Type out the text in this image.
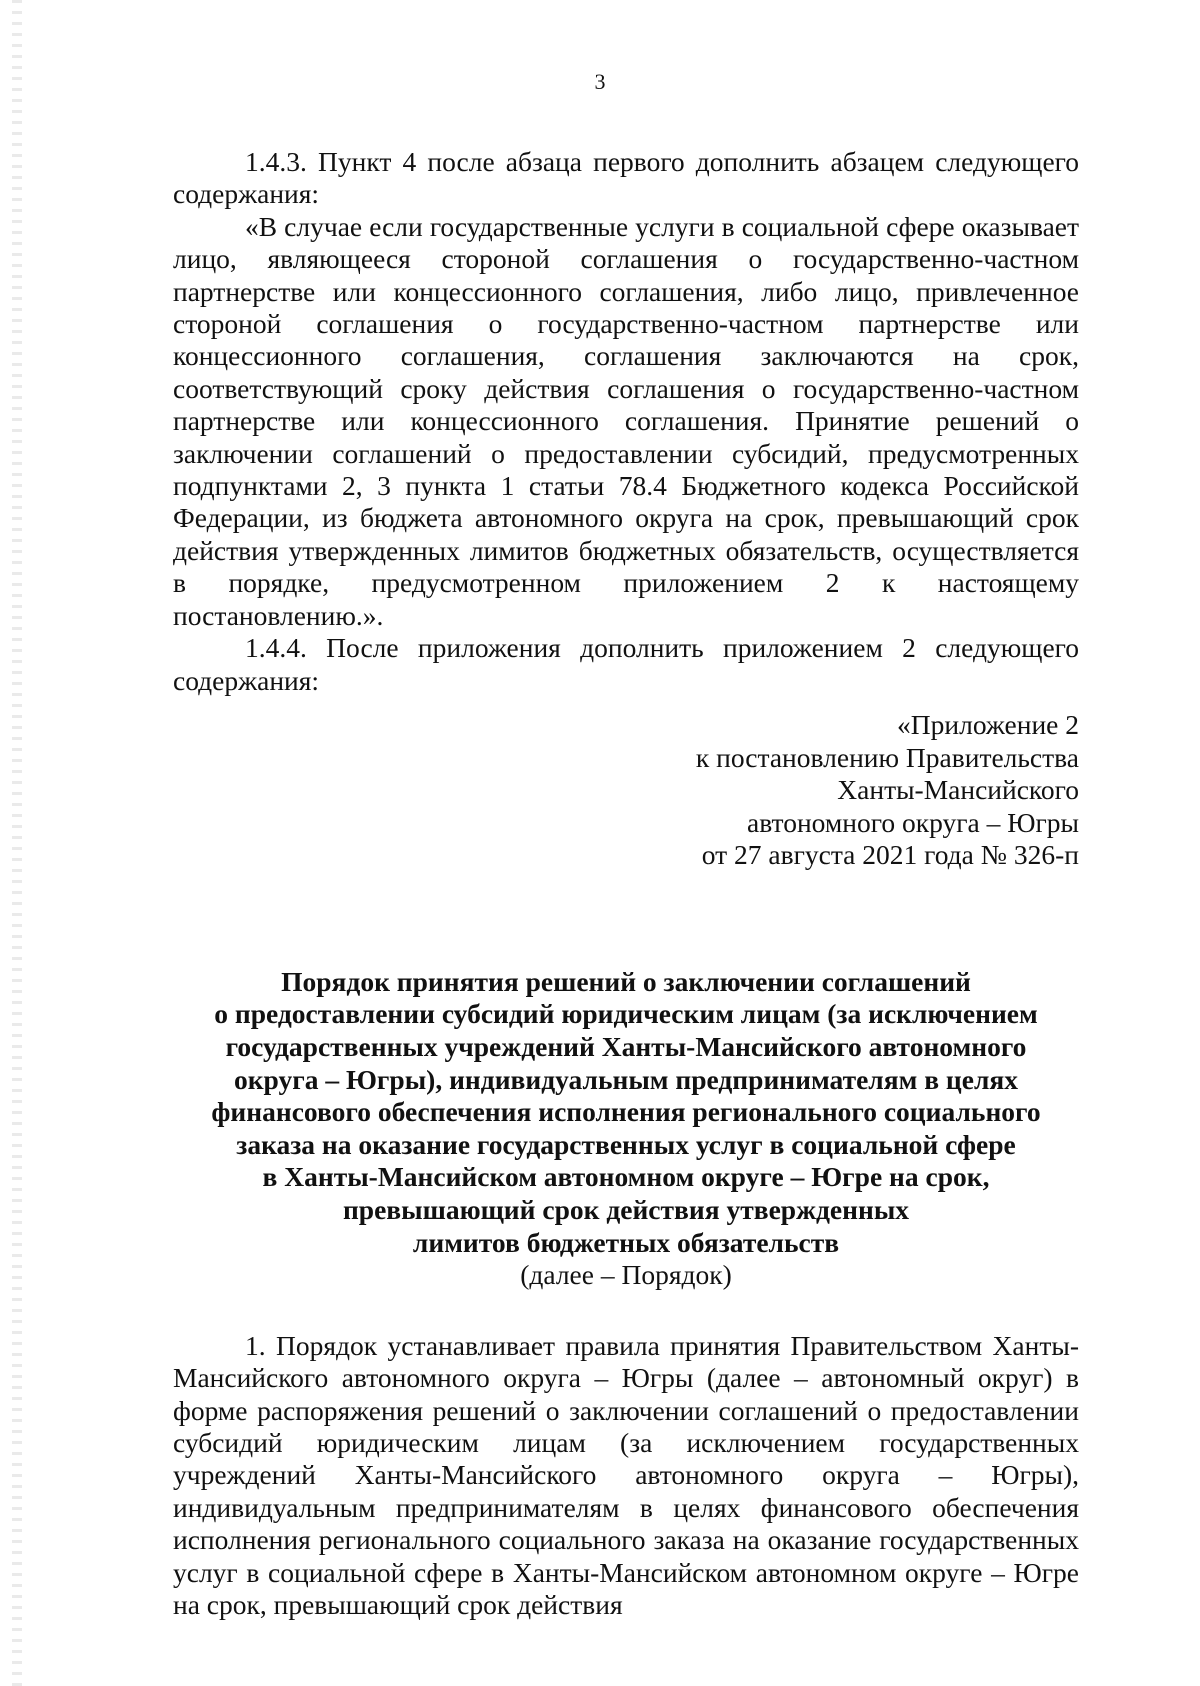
3

1.4.3. Пункт 4 после абзаца первого дополнить абзацем следующего содержания:

«В случае если государственные услуги в социальной сфере оказывает лицо, являющееся стороной соглашения о государственно-частном партнерстве или концессионного соглашения, либо лицо, привлеченное стороной соглашения о государственно-частном партнерстве или концессионного соглашения, соглашения заключаются на срок, соответствующий сроку действия соглашения о государственно-частном партнерстве или концессионного соглашения. Принятие решений о заключении соглашений о предоставлении субсидий, предусмотренных подпунктами 2, 3 пункта 1 статьи 78.4 Бюджетного кодекса Российской Федерации, из бюджета автономного округа на срок, превышающий срок действия утвержденных лимитов бюджетных обязательств, осуществляется в порядке, предусмотренном приложением 2 к настоящему постановлению.».

1.4.4. После приложения дополнить приложением 2 следующего содержания:

«Приложение 2
к постановлению Правительства
Ханты-Мансийского
автономного округа – Югры
от 27 августа 2021 года № 326-п
Порядок принятия решений о заключении соглашений
о предоставлении субсидий юридическим лицам (за исключением
государственных учреждений Ханты-Мансийского автономного
округа – Югры), индивидуальным предпринимателям в целях
финансового обеспечения исполнения регионального социального
заказа на оказание государственных услуг в социальной сфере
в Ханты-Мансийском автономном округе – Югре на срок,
превышающий срок действия утвержденных
лимитов бюджетных обязательств
(далее – Порядок)

1. Порядок устанавливает правила принятия Правительством Ханты-Мансийского автономного округа – Югры (далее – автономный округ) в форме распоряжения решений о заключении соглашений о предоставлении субсидий юридическим лицам (за исключением государственных учреждений Ханты-Мансийского автономного округа – Югры), индивидуальным предпринимателям в целях финансового обеспечения исполнения регионального социального заказа на оказание государственных услуг в социальной сфере в Ханты-Мансийском автономном округе – Югре на срок, превышающий срок действия
